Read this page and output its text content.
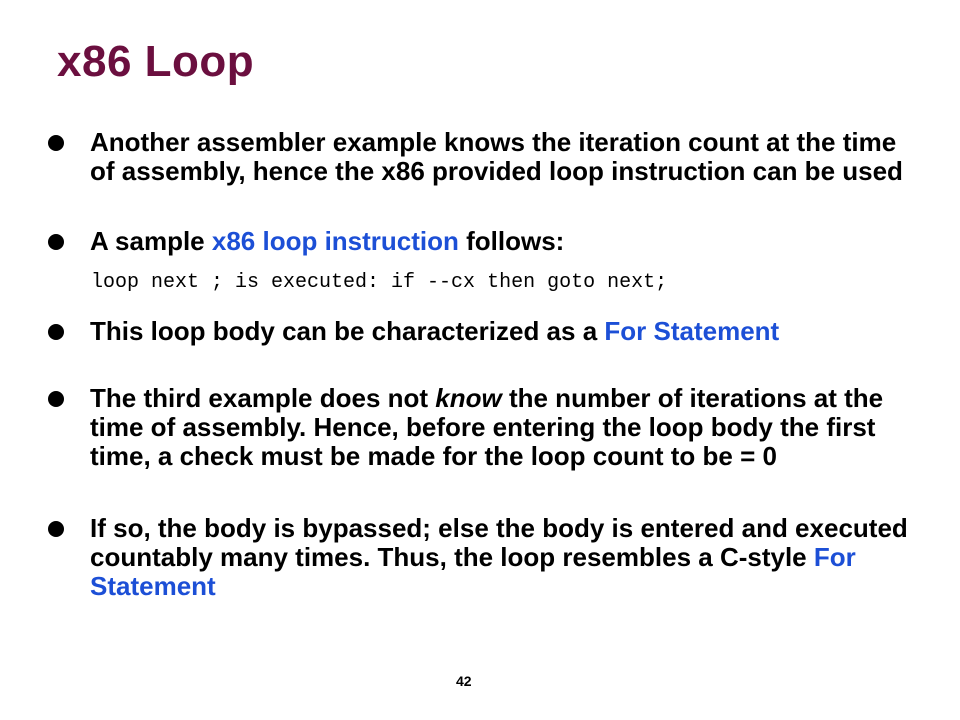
x86 Loop
Another assembler example knows the iteration count at the time of assembly, hence the x86 provided loop instruction can be used
A sample x86 loop instruction follows:
loop next ; is executed: if --cx then goto next;
This loop body can be characterized as a For Statement
The third example does not know the number of iterations at the time of assembly. Hence, before entering the loop body the first time, a check must be made for the loop count to be = 0
If so, the body is bypassed; else the body is entered and executed countably many times. Thus, the loop resembles a C-style For Statement
42
